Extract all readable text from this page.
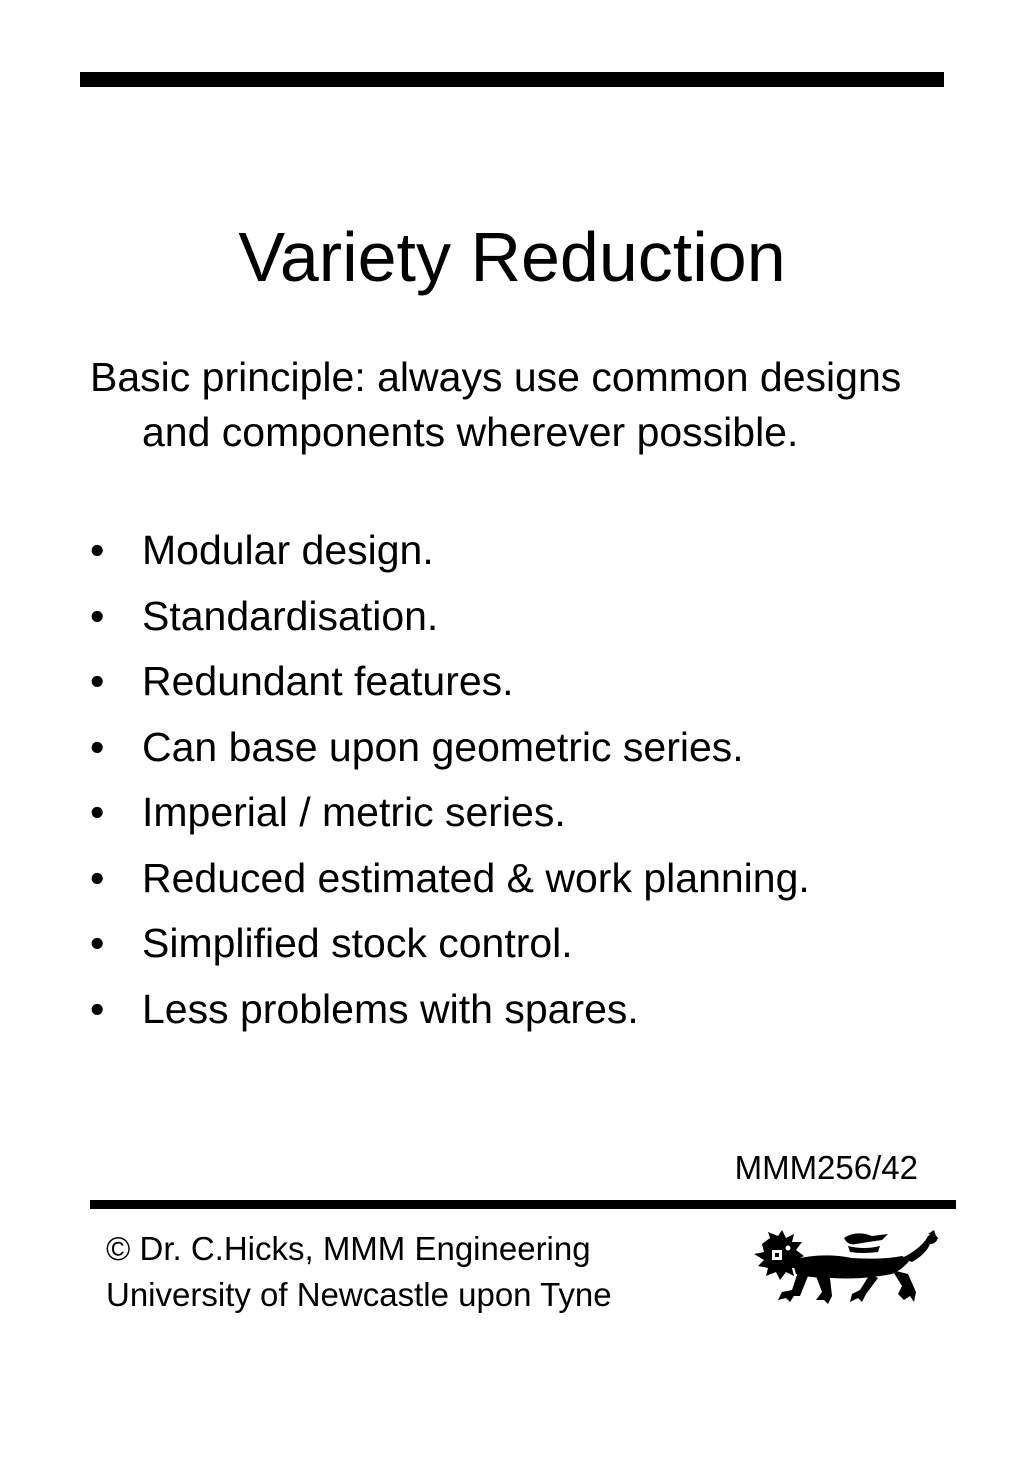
Variety Reduction
Basic principle: always use common designs and components wherever possible.
• Modular design.
• Standardisation.
• Redundant features.
• Can base upon geometric series.
• Imperial / metric series.
• Reduced estimated & work planning.
• Simplified stock control.
• Less problems with spares.
MMM256/42
© Dr. C.Hicks, MMM Engineering
University of Newcastle upon Tyne
